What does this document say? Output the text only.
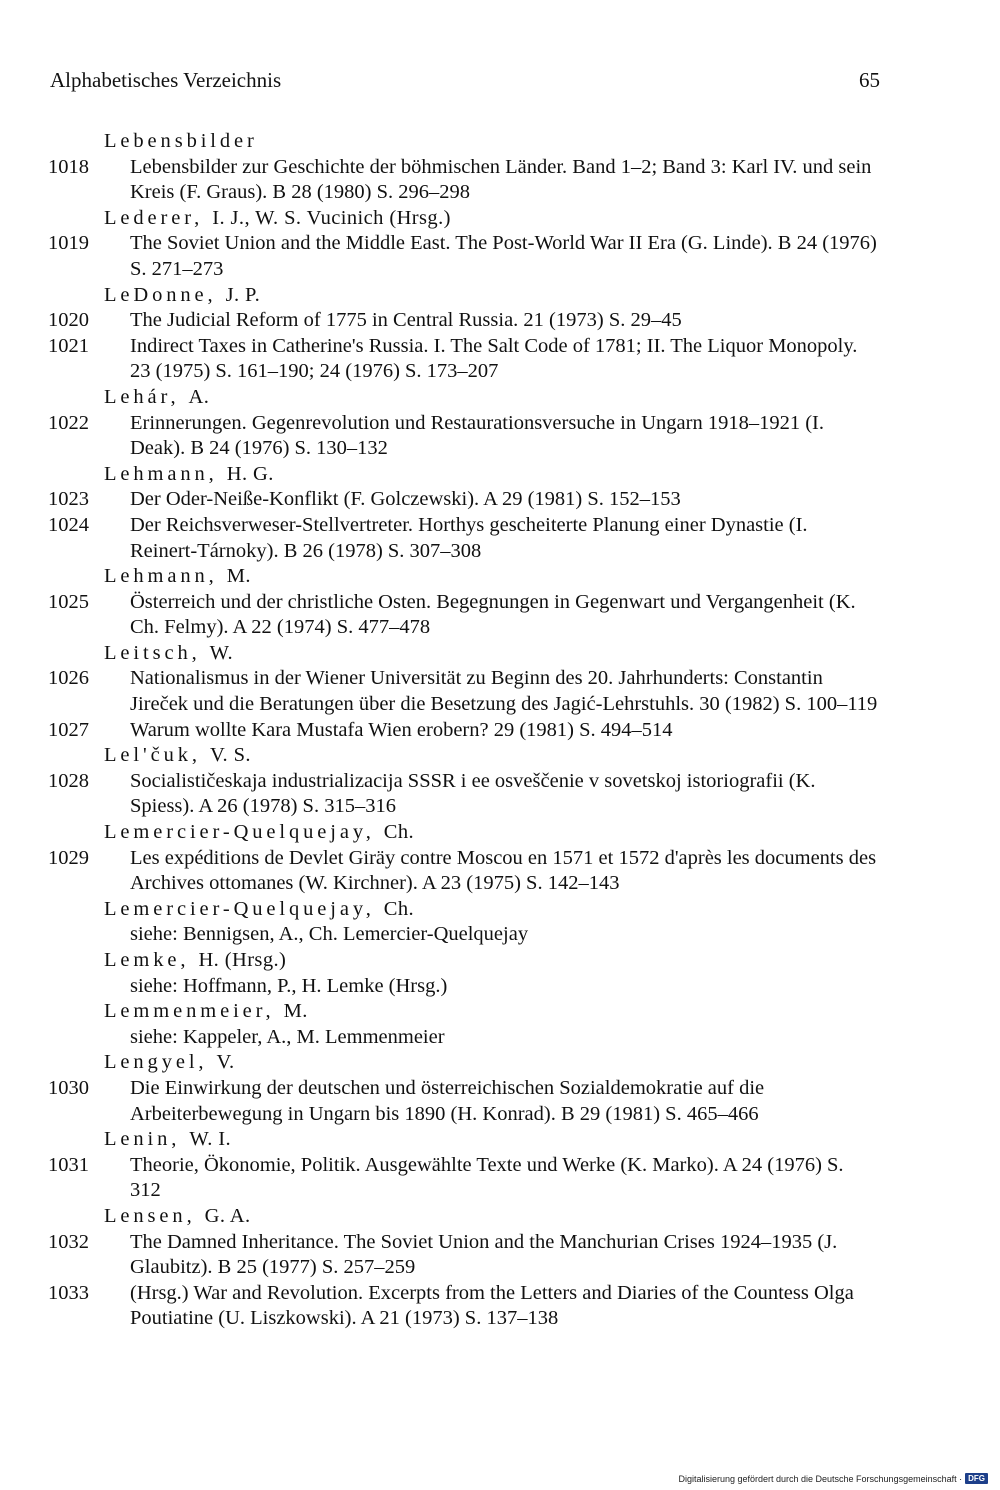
Alphabetisches Verzeichnis	65
Lebensbilder
1018	Lebensbilder zur Geschichte der böhmischen Länder. Band 1–2; Band 3: Karl IV. und sein Kreis (F. Graus). B 28 (1980) S. 296–298
Lederer, I. J., W. S. Vucinich (Hrsg.)
1019	The Soviet Union and the Middle East. The Post-World War II Era (G. Linde). B 24 (1976) S. 271–273
LeDonne, J. P.
1020	The Judicial Reform of 1775 in Central Russia. 21 (1973) S. 29–45
1021	Indirect Taxes in Catherine's Russia. I. The Salt Code of 1781; II. The Liquor Monopoly. 23 (1975) S. 161–190; 24 (1976) S. 173–207
Lehár, A.
1022	Erinnerungen. Gegenrevolution und Restaurationsversuche in Ungarn 1918–1921 (I. Deak). B 24 (1976) S. 130–132
Lehmann, H. G.
1023	Der Oder-Neiße-Konflikt (F. Golczewski). A 29 (1981) S. 152–153
1024	Der Reichsverweser-Stellvertreter. Horthys gescheiterte Planung einer Dynastie (I. Reinert-Tárnoky). B 26 (1978) S. 307–308
Lehmann, M.
1025	Österreich und der christliche Osten. Begegnungen in Gegenwart und Vergangenheit (K. Ch. Felmy). A 22 (1974) S. 477–478
Leitsch, W.
1026	Nationalismus in der Wiener Universität zu Beginn des 20. Jahrhunderts: Constantin Jireček und die Beratungen über die Besetzung des Jagić-Lehrstuhls. 30 (1982) S. 100–119
1027	Warum wollte Kara Mustafa Wien erobern? 29 (1981) S. 494–514
Lel'čuk, V. S.
1028	Socialističeskaja industrializacija SSSR i ee osveščenie v sovetskoj istoriografii (K. Spiess). A 26 (1978) S. 315–316
Lemercier-Quelquejay, Ch.
1029	Les expéditions de Devlet Giräy contre Moscou en 1571 et 1572 d'après les documents des Archives ottomanes (W. Kirchner). A 23 (1975) S. 142–143
Lemercier-Quelquejay, Ch.
siehe: Bennigsen, A., Ch. Lemercier-Quelquejay
Lemke, H. (Hrsg.)
siehe: Hoffmann, P., H. Lemke (Hrsg.)
Lemmenmeier, M.
siehe: Kappeler, A., M. Lemmenmeier
Lengyel, V.
1030	Die Einwirkung der deutschen und österreichischen Sozialdemokratie auf die Arbeiterbewegung in Ungarn bis 1890 (H. Konrad). B 29 (1981) S. 465–466
Lenin, W. I.
1031	Theorie, Ökonomie, Politik. Ausgewählte Texte und Werke (K. Marko). A 24 (1976) S. 312
Lensen, G. A.
1032	The Damned Inheritance. The Soviet Union and the Manchurian Crises 1924–1935 (J. Glaubitz). B 25 (1977) S. 257–259
1033	(Hrsg.) War and Revolution. Excerpts from the Letters and Diaries of the Countess Olga Poutiatine (U. Liszkowski). A 21 (1973) S. 137–138
Digitalisierung gefördert durch die Deutsche Forschungsgemeinschaft · DFG
